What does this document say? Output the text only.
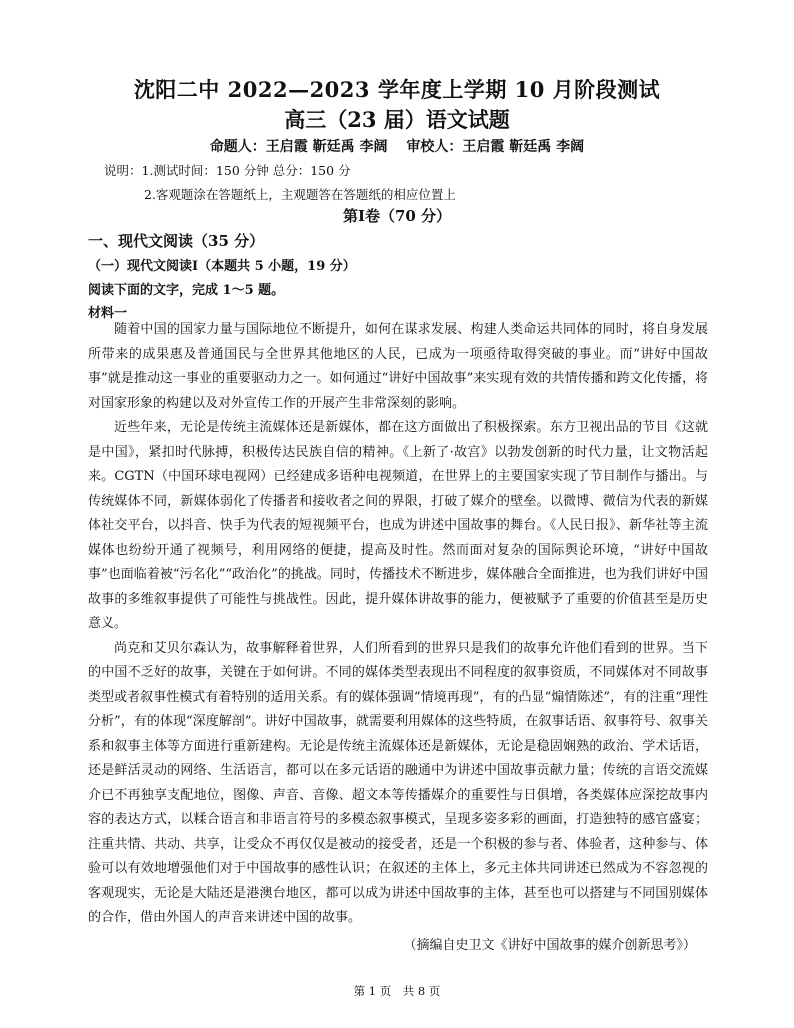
沈阳二中 2022—2023 学年度上学期 10 月阶段测试
高三（23 届）语文试题
命题人：王启霞 靳廷禹 李阔　 审校人：王启霞 靳廷禹 李阔
说明：1.测试时间：150 分钟 总分：150 分
2.客观题涂在答题纸上，主观题答在答题纸的相应位置上
第Ⅰ卷（70 分）
一、现代文阅读（35 分）
（一）现代文阅读Ⅰ（本题共 5 小题，19 分）
阅读下面的文字，完成 1～5 题。
材料一

随着中国的国家力量与国际地位不断提升，如何在谋求发展、构建人类命运共同体的同时，将自身发展所带来的成果惠及普通国民与全世界其他地区的人民，已成为一项亟待取得突破的事业。而“讲好中国故事”就是推动这一事业的重要驱动力之一。如何通过“讲好中国故事”来实现有效的共情传播和跨文化传播，将对国家形象的构建以及对外宣传工作的开展产生非常深刻的影响。

近些年来，无论是传统主流媒体还是新媒体，都在这方面做出了积极探索。东方卫视出品的节目《这就是中国》，紧扣时代脉搏，积极传达民族自信的精神。《上新了·故宫》以勃发创新的时代力量，让文物活起来。CGTN（中国环球电视网）已经建成多语种电视频道，在世界上的主要国家实现了节目制作与播出。与传统媒体不同，新媒体弱化了传播者和接收者之间的界限，打破了媒介的壁垒。以微博、微信为代表的新媒体社交平台，以抖音、快手为代表的短视频平台，也成为讲述中国故事的舞台。《人民日报》、新华社等主流媒体也纷纷开通了视频号，利用网络的便捷，提高及时性。然而面对复杂的国际舆论环境，“讲好中国故事”也面临着被“污名化”“政治化”的挑战。同时，传播技术不断进步，媒体融合全面推进，也为我们讲好中国故事的多维叙事提供了可能性与挑战性。因此，提升媒体讲故事的能力，便被赋予了重要的价值甚至是历史意义。

尚克和艾贝尔森认为，故事解释着世界，人们所看到的世界只是我们的故事允许他们看到的世界。当下的中国不乏好的故事，关键在于如何讲。不同的媒体类型表现出不同程度的叙事资质，不同媒体对不同故事类型或者叙事性模式有着特别的适用关系。有的媒体强调“情境再现”，有的凸显“煽情陈述”，有的注重“理性分析”，有的体现“深度解剖”。讲好中国故事，就需要利用媒体的这些特质，在叙事话语、叙事符号、叙事关系和叙事主体等方面进行重新建构。无论是传统主流媒体还是新媒体，无论是稳固娴熟的政治、学术话语，还是鲜活灵动的网络、生活语言，都可以在多元话语的融通中为讲述中国故事贡献力量；传统的言语交流媒介已不再独享支配地位，图像、声音、音像、超文本等传播媒介的重要性与日俱增，各类媒体应深挖故事内容的表达方式，以糅合语言和非语言符号的多模态叙事模式，呈现多姿多彩的画面，打造独特的感官盛宴；注重共情、共动、共享，让受众不再仅仅是被动的接受者，还是一个积极的参与者、体验者，这种参与、体验可以有效地增强他们对于中国故事的感性认识；在叙述的主体上，多元主体共同讲述已然成为不容忽视的客观现实，无论是大陆还是港澳台地区，都可以成为讲述中国故事的主体，甚至也可以搭建与不同国别媒体的合作，借由外国人的声音来讲述中国的故事。

（摘编自史卫文《讲好中国故事的媒介创新思考》）
第 1 页　共 8 页
